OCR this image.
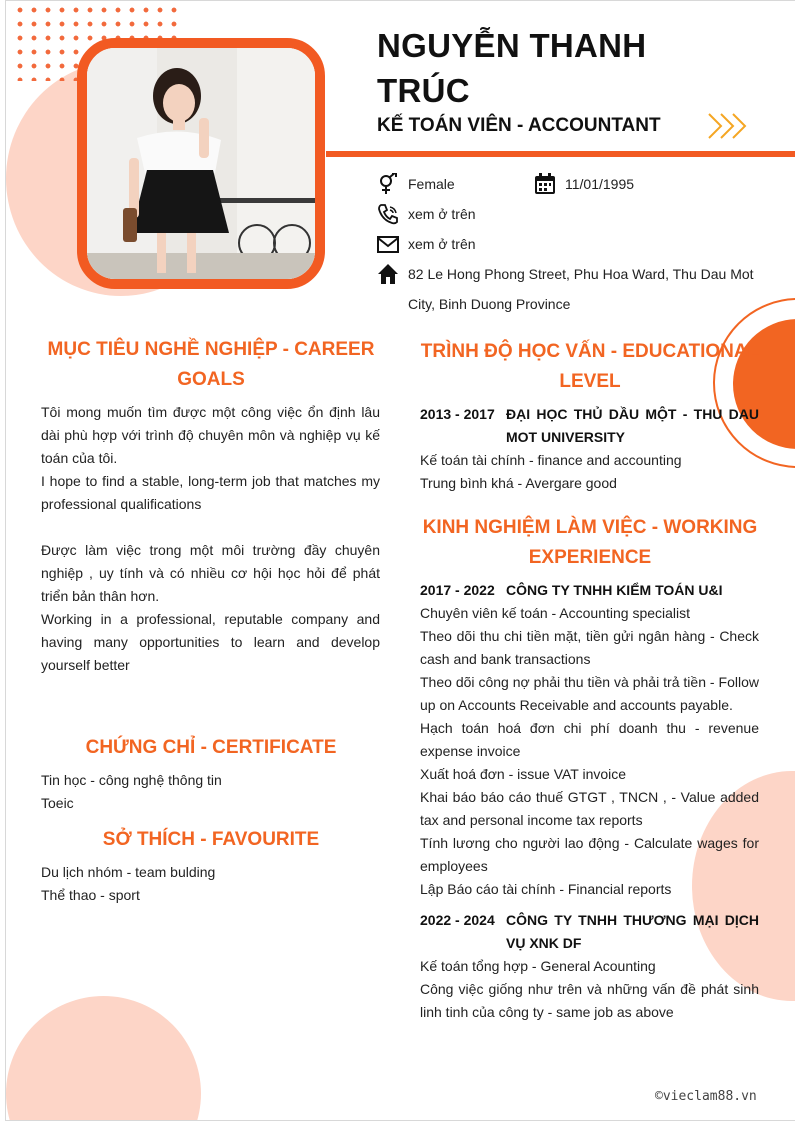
NGUYỄN THANH
TRÚC
KẾ TOÁN VIÊN - ACCOUNTANT
Female	11/01/1995
xem ở trên
xem ở trên
82 Le Hong Phong Street, Phu Hoa Ward, Thu Dau Mot
City, Binh Duong Province
MỤC TIÊU NGHỀ NGHIỆP - CAREER
GOALS

Tôi mong muốn tìm được một công việc ổn định lâu dài phù hợp với trình độ chuyên môn và nghiệp vụ kế toán của tôi.

I hope to find a stable, long-term job that matches my professional qualifications

Được làm việc trong một môi trường đầy chuyên nghiệp , uy tính và có nhiều cơ hội học hỏi để phát triển bản thân hơn.

Working in a professional, reputable company and having many opportunities to learn and develop yourself better

CHỨNG CHỈ - CERTIFICATE

Tin học - công nghệ thông tin

Toeic

SỞ THÍCH - FAVOURITE

Du lịch nhóm - team bulding

Thể thao - sport

TRÌNH ĐỘ HỌC VẤN - EDUCATIONAL
LEVEL
2013 - 2017 ĐẠI HỌC THỦ DẦU MỘT - THU DAU MOT UNIVERSITY

Kế toán tài chính - finance and accounting

Trung bình khá - Avergare good

KINH NGHIỆM LÀM VIỆC - WORKING
EXPERIENCE
2017 - 2022 CÔNG TY TNHH KIỂM TOÁN U&I

Chuyên viên kế toán - Accounting specialist

Theo dõi thu chi tiền mặt, tiền gửi ngân hàng - Check cash and bank transactions

Theo dõi công nợ phải thu tiền và phải trả tiền - Follow up on Accounts Receivable and accounts payable.

Hạch toán hoá đơn chi phí doanh thu - revenue expense invoice

Xuất hoá đơn - issue VAT invoice

Khai báo báo cáo thuế GTGT , TNCN , - Value added tax and personal income tax reports

Tính lương cho người lao động - Calculate wages for employees

Lập Báo cáo tài chính - Financial reports

2022 - 2024 CÔNG TY TNHH THƯƠNG MẠI DỊCH VỤ XNK DF

Kế toán tổng hợp - General Acounting

Công việc giống như trên và những vấn đề phát sinh linh tinh của công ty - same job as above

©vieclam88.vn
